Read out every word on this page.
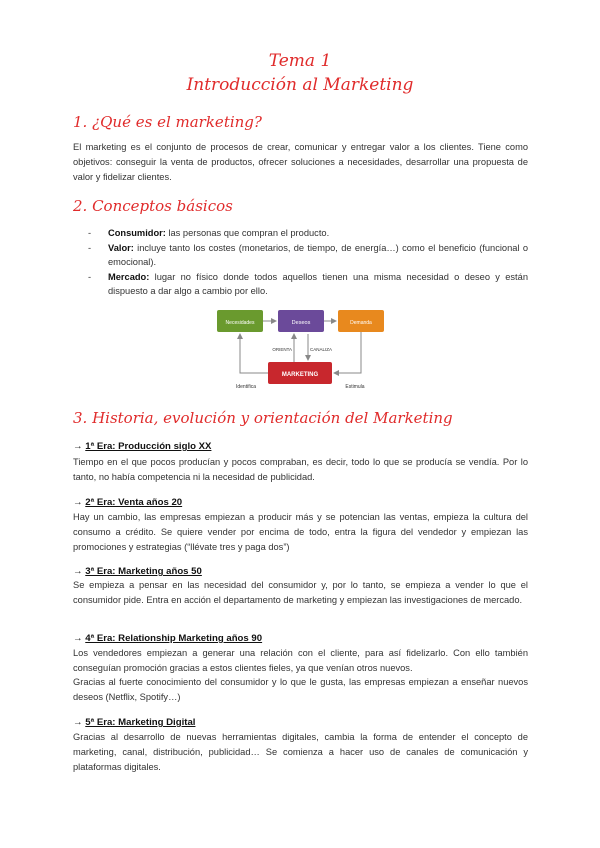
Tema 1
Introducción al Marketing
1. ¿Qué es el marketing?
El marketing es el conjunto de procesos de crear, comunicar y entregar valor a los clientes. Tiene como objetivos: conseguir la venta de productos, ofrecer soluciones a necesidades, desarrollar una propuesta de valor y fidelizar clientes.
2. Conceptos básicos
- Consumidor: las personas que compran el producto.
- Valor: incluye tanto los costes (monetarios, de tiempo, de energía…) como el beneficio (funcional o emocional).
- Mercado: lugar no físico donde todos aquellos tienen una misma necesidad o deseo y están dispuesto a dar algo a cambio por ello.
Necesidades	Deseos	Demanda
MARKETING
ORIENTA	CANALIZA
Identifica	Estimula
3. Historia, evolución y orientación del Marketing
→ 1ª Era: Producción siglo XX
Tiempo en el que pocos producían y pocos compraban, es decir, todo lo que se producía se vendía. Por lo tanto, no había competencia ni la necesidad de publicidad.
→ 2ª Era: Venta años 20
Hay un cambio, las empresas empiezan a producir más y se potencian las ventas, empieza la cultura del consumo a crédito. Se quiere vender por encima de todo, entra la figura del vendedor y empiezan las promociones y estrategias (“llévate tres y paga dos”)
→ 3ª Era: Marketing años 50
Se empieza a pensar en las necesidad del consumidor y, por lo tanto, se empieza a vender lo que el consumidor pide. Entra en acción el departamento de marketing y empiezan las investigaciones de mercado.
→ 4ª Era: Relationship Marketing años 90
Los vendedores empiezan a generar una relación con el cliente, para así fidelizarlo. Con ello también conseguían promoción gracias a estos clientes fieles, ya que venían otros nuevos.
Gracias al fuerte conocimiento del consumidor y lo que le gusta, las empresas empiezan a enseñar nuevos deseos (Netflix, Spotify…)
→ 5ª Era: Marketing Digital
Gracias al desarrollo de nuevas herramientas digitales, cambia la forma de entender el concepto de marketing, canal, distribución, publicidad… Se comienza a hacer uso de canales de comunicación y plataformas digitales.
